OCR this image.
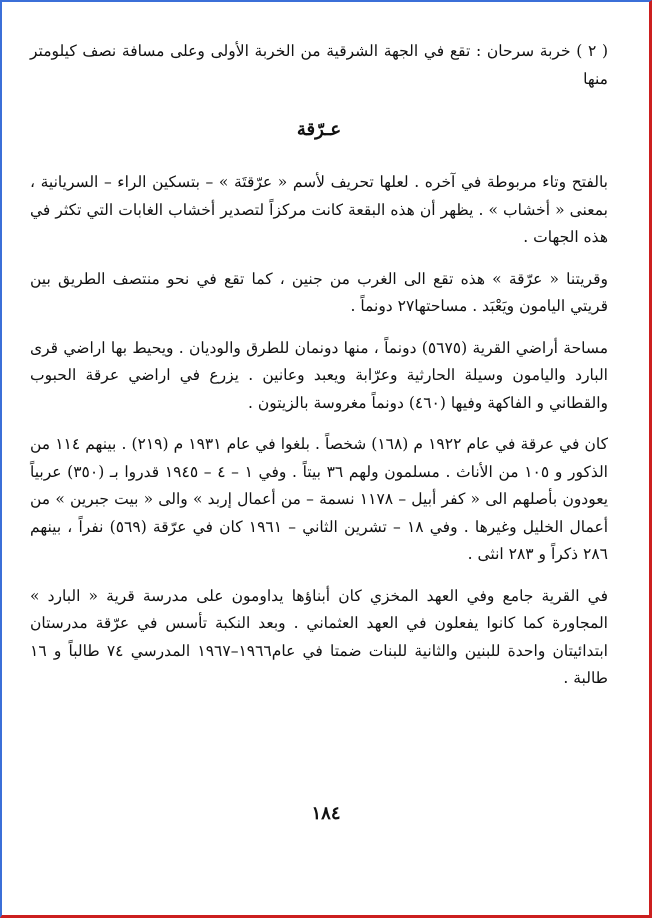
( ٢ ) خربة سرحان : تقع في الجهة الشرقية من الخربة الأولى وعلى مسافة نصف كيلومتر منها

عـرّقة

بالفتح وتاء مربوطة في آخره . لعلها تحريف لأسم « عرّقتَة » – بتسكين الراء – السريانية ، بمعنى « أخشاب » . يظهر أن هذه البقعة كانت مركزاً لتصدير أخشاب الغابات التي تكثر في هذه الجهات .

وقريتنا « عرّقة » هذه تقع الى الغرب من جنين ، كما تقع في نحو منتصف الطريق بين قريتي اليامون ويَعْبَد . مساحتها٢٧ دونماً .

مساحة أراضي القرية (٥٦٧٥) دونماً ، منها دونمان للطرق والوديان . ويحيط بها اراضي قرى البارد واليامون وسيلة الحارثية وعرّابة ويعبد وعانين . يزرع في اراضي عرقة الحبوب والقطاني و الفاكهة وفيها (٤٦٠) دونماً مغروسة بالزيتون .

كان في عرقة في عام ١٩٢٢ م (١٦٨) شخصاً . بلغوا في عام ١٩٣١ م (٢١٩) . بينهم ١١٤ من الذكور و ١٠٥ من الأناث . مسلمون ولهم ٣٦ بيتاً . وفي ١ – ٤ – ١٩٤٥ قدروا بـ (٣٥٠) عربياً يعودون بأصلهم الى « كفر أبيل – ١١٧٨ نسمة – من أعمال إربد » والى « بيت جبرين » من أعمال الخليل وغيرها . وفي ١٨ – تشرين الثاني – ١٩٦١ كان في عرّقة (٥٦٩) نفراً ، بينهم ٢٨٦ ذكراً و ٢٨٣ انثى .

في القرية جامع وفي العهد المخزي كان أبناؤها يداومون على مدرسة قرية « البارد » المجاورة كما كانوا يفعلون في العهد العثماني . وبعد النكبة تأسس في عرّقة مدرستان ابتدائيتان واحدة للبنين والثانية للبنات ضمتا في عام١٩٦٦–١٩٦٧ المدرسي ٧٤ طالباً و ١٦ طالبة .

١٨٤
